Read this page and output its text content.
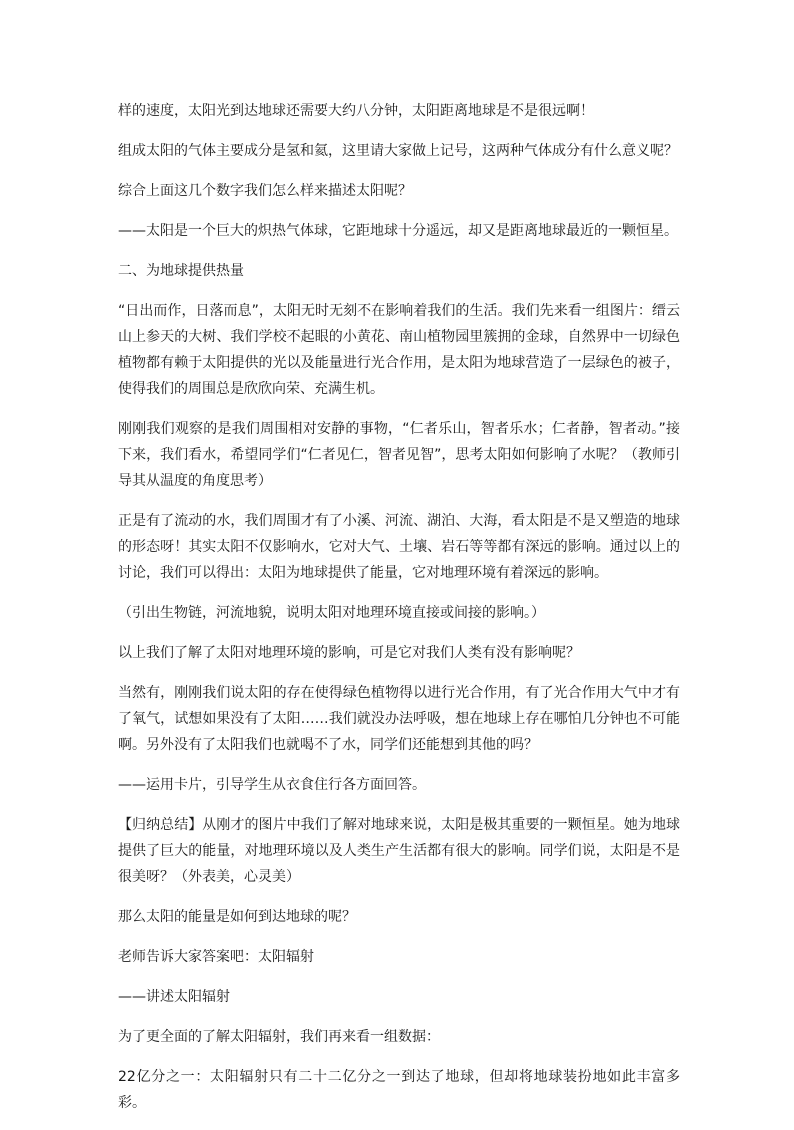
样的速度，太阳光到达地球还需要大约八分钟，太阳距离地球是不是很远啊！

组成太阳的气体主要成分是氢和氦，这里请大家做上记号，这两种气体成分有什么意义呢？

综合上面这几个数字我们怎么样来描述太阳呢？

——太阳是一个巨大的炽热气体球，它距地球十分遥远，却又是距离地球最近的一颗恒星。

二、为地球提供热量

“日出而作，日落而息”，太阳无时无刻不在影响着我们的生活。我们先来看一组图片：缙云山上参天的大树、我们学校不起眼的小黄花、南山植物园里簇拥的金球，自然界中一切绿色植物都有赖于太阳提供的光以及能量进行光合作用，是太阳为地球营造了一层绿色的被子，使得我们的周围总是欣欣向荣、充满生机。

刚刚我们观察的是我们周围相对安静的事物，“仁者乐山，智者乐水；仁者静，智者动。”接下来，我们看水，希望同学们“仁者见仁，智者见智”，思考太阳如何影响了水呢？（教师引导其从温度的角度思考）

正是有了流动的水，我们周围才有了小溪、河流、湖泊、大海，看太阳是不是又塑造的地球的形态呀！其实太阳不仅影响水，它对大气、土壤、岩石等等都有深远的影响。通过以上的讨论，我们可以得出：太阳为地球提供了能量，它对地理环境有着深远的影响。

（引出生物链，河流地貌，说明太阳对地理环境直接或间接的影响。）

以上我们了解了太阳对地理环境的影响，可是它对我们人类有没有影响呢？

当然有，刚刚我们说太阳的存在使得绿色植物得以进行光合作用，有了光合作用大气中才有了氧气，试想如果没有了太阳……我们就没办法呼吸，想在地球上存在哪怕几分钟也不可能啊。另外没有了太阳我们也就喝不了水，同学们还能想到其他的吗？

——运用卡片，引导学生从衣食住行各方面回答。

【归纳总结】从刚才的图片中我们了解对地球来说，太阳是极其重要的一颗恒星。她为地球提供了巨大的能量，对地理环境以及人类生产生活都有很大的影响。同学们说，太阳是不是很美呀？（外表美，心灵美）

那么太阳的能量是如何到达地球的呢？

老师告诉大家答案吧：太阳辐射

——讲述太阳辐射

为了更全面的了解太阳辐射，我们再来看一组数据：

22亿分之一：太阳辐射只有二十二亿分之一到达了地球，但却将地球装扮地如此丰富多彩。
